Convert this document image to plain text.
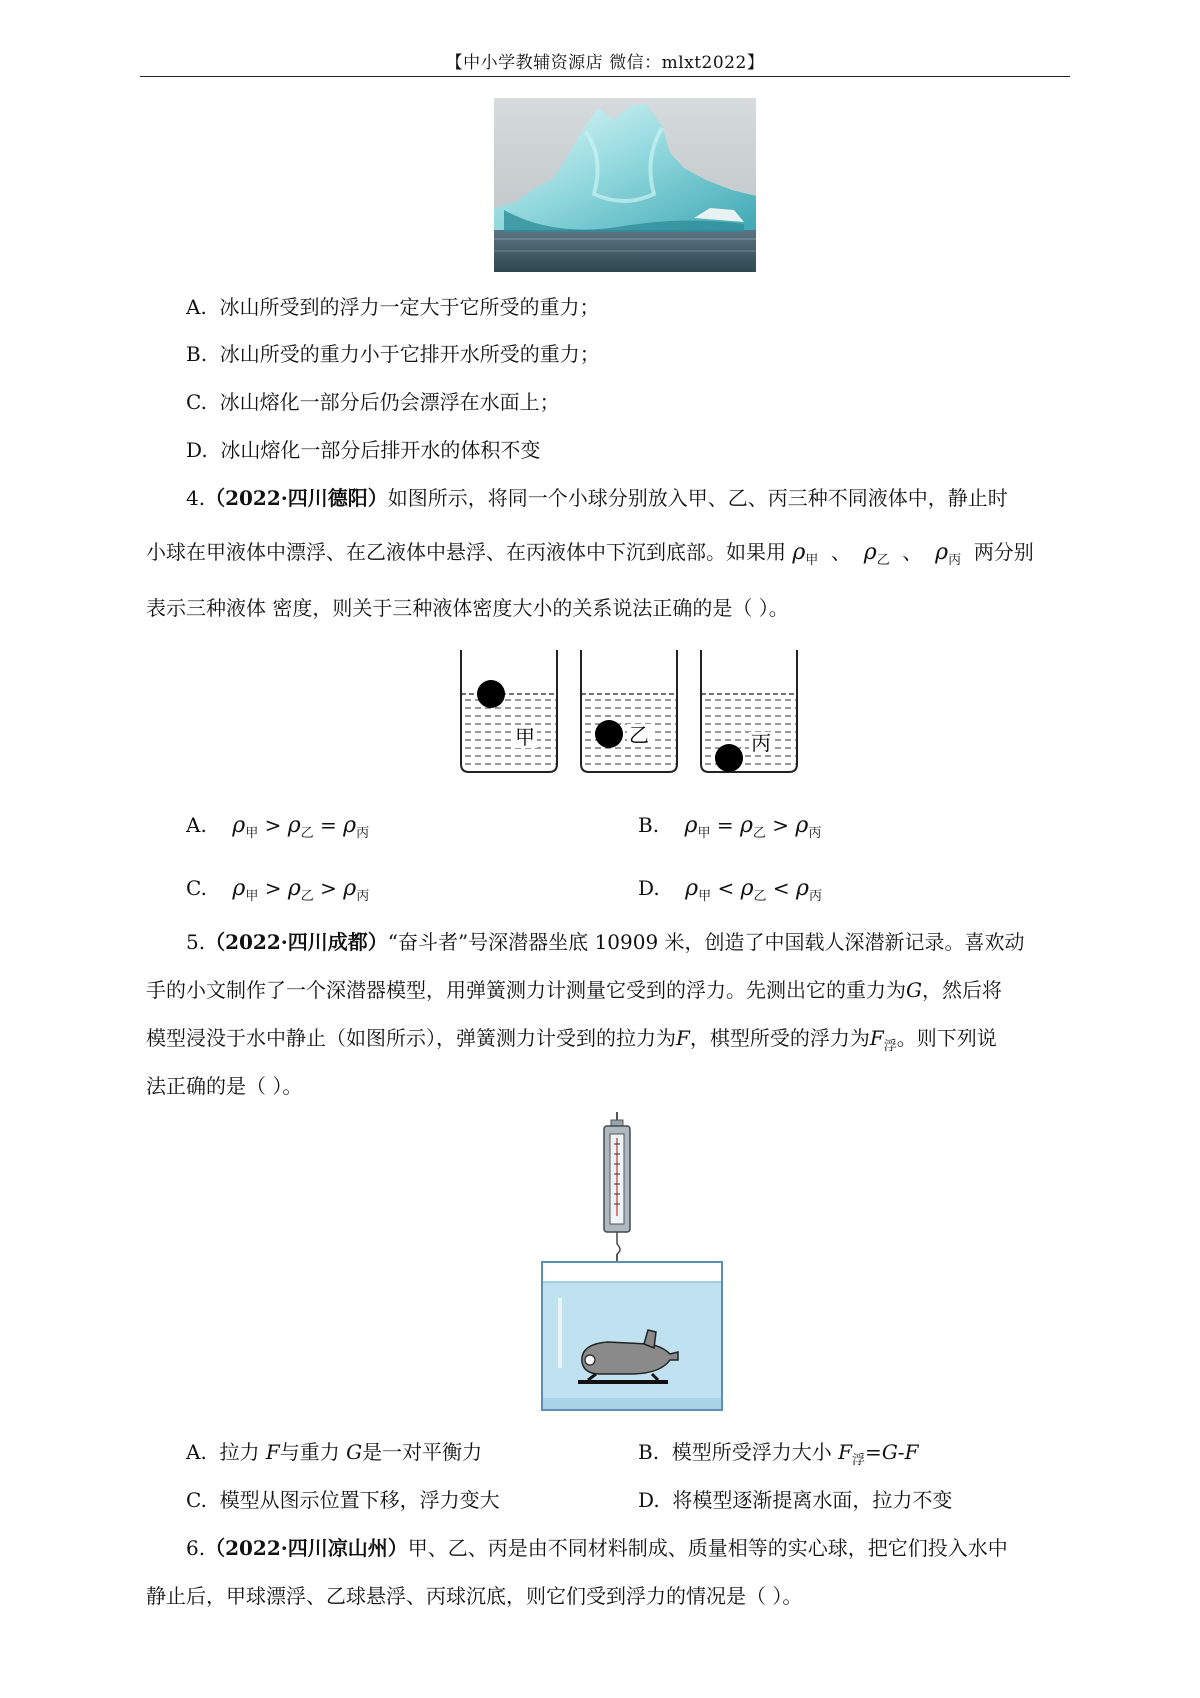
【中小学教辅资源店 微信：mlxt2022】
A. 冰山所受到的浮力一定大于它所受的重力；
B. 冰山所受的重力小于它排开水所受的重力；
C. 冰山熔化一部分后仍会漂浮在水面上；
D. 冰山熔化一部分后排开水的体积不变
4.（2022·四川德阳）如图所示，将同一个小球分别放入甲、乙、丙三种不同液体中，静止时
小球在甲液体中漂浮、在乙液体中悬浮、在丙液体中下沉到底部。如果用 $\rho_甲$ 、 $\rho_乙$ 、 $\rho_丙$ 两分别
表示三种液体 密度，则关于三种液体密度大小的关系说法正确的是（ ）。
甲	乙	丙
A. $\rho_甲 > \rho_乙 = \rho_丙$	B. $\rho_甲 = \rho_乙 > \rho_丙$
C. $\rho_甲 > \rho_乙 > \rho_丙$	D. $\rho_甲 < \rho_乙 < \rho_丙$
5.（2022·四川成都）“奋斗者”号深潜器坐底 10909 米，创造了中国载人深潜新记录。喜欢动
手的小文制作了一个深潜器模型，用弹簧测力计测量它受到的浮力。先测出它的重力为G，然后将
模型浸没于水中静止（如图所示），弹簧测力计受到的拉力为F，棋型所受的浮力为$F_浮$。则下列说
法正确的是（ ）。
A. 拉力 F与重力 G是一对平衡力	B. 模型所受浮力大小 $F_浮=G-F$
C. 模型从图示位置下移，浮力变大	D. 将模型逐渐提离水面，拉力不变
6.（2022·四川凉山州）甲、乙、丙是由不同材料制成、质量相等的实心球，把它们投入水中
静止后，甲球漂浮、乙球悬浮、丙球沉底，则它们受到浮力的情况是（ ）。
